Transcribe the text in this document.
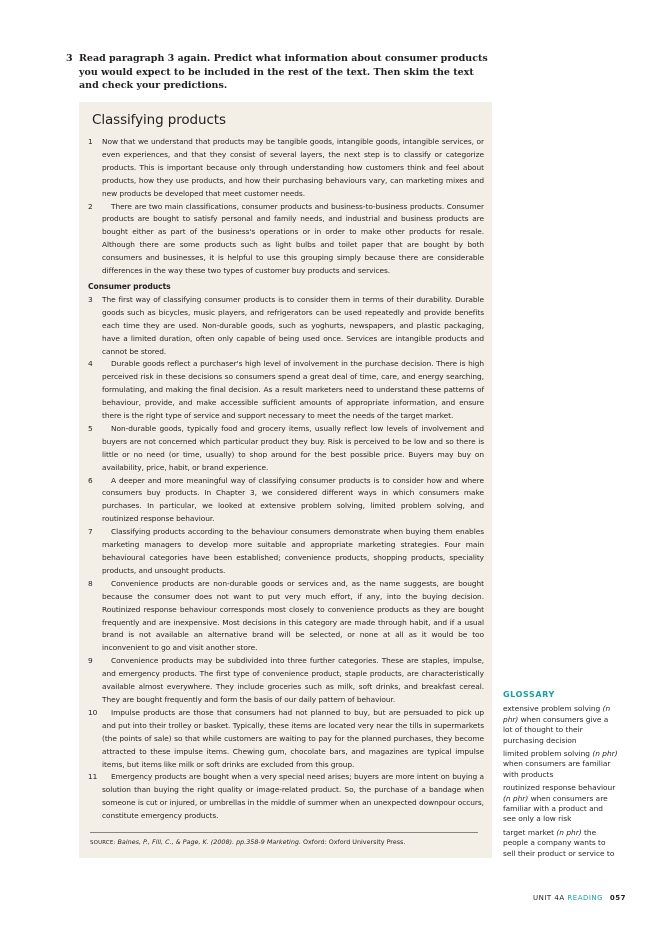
3 Read paragraph 3 again. Predict what information about consumer products you would expect to be included in the rest of the text. Then skim the text and check your predictions.
Classifying products
1 Now that we understand that products may be tangible goods, intangible goods, intangible services, or even experiences, and that they consist of several layers, the next step is to classify or categorize products. This is important because only through understanding how customers think and feel about products, how they use products, and how their purchasing behaviours vary, can marketing mixes and new products be developed that meet customer needs.
2	There are two main classifications, consumer products and business-to-business products. Consumer products are bought to satisfy personal and family needs, and industrial and business products are bought either as part of the business's operations or in order to make other products for resale. Although there are some products such as light bulbs and toilet paper that are bought by both consumers and businesses, it is helpful to use this grouping simply because there are considerable differences in the way these two types of customer buy products and services.
Consumer products
3 The first way of classifying consumer products is to consider them in terms of their durability. Durable goods such as bicycles, music players, and refrigerators can be used repeatedly and provide benefits each time they are used. Non-durable goods, such as yoghurts, newspapers, and plastic packaging, have a limited duration, often only capable of being used once. Services are intangible products and cannot be stored.
4	Durable goods reflect a purchaser's high level of involvement in the purchase decision. There is high perceived risk in these decisions so consumers spend a great deal of time, care, and energy searching, formulating, and making the final decision. As a result marketers need to understand these patterns of behaviour, provide, and make accessible sufficient amounts of appropriate information, and ensure there is the right type of service and support necessary to meet the needs of the target market.
5	Non-durable goods, typically food and grocery items, usually reflect low levels of involvement and buyers are not concerned which particular product they buy. Risk is perceived to be low and so there is little or no need (or time, usually) to shop around for the best possible price. Buyers may buy on availability, price, habit, or brand experience.
6	A deeper and more meaningful way of classifying consumer products is to consider how and where consumers buy products. In Chapter 3, we considered different ways in which consumers make purchases. In particular, we looked at extensive problem solving, limited problem solving, and routinized response behaviour.
7	Classifying products according to the behaviour consumers demonstrate when buying them enables marketing managers to develop more suitable and appropriate marketing strategies. Four main behavioural categories have been established; convenience products, shopping products, speciality products, and unsought products.
8	Convenience products are non-durable goods or services and, as the name suggests, are bought because the consumer does not want to put very much effort, if any, into the buying decision. Routinized response behaviour corresponds most closely to convenience products as they are bought frequently and are inexpensive. Most decisions in this category are made through habit, and if a usual brand is not available an alternative brand will be selected, or none at all as it would be too inconvenient to go and visit another store.
9	Convenience products may be subdivided into three further categories. These are staples, impulse, and emergency products. The first type of convenience product, staple products, are characteristically available almost everywhere. They include groceries such as milk, soft drinks, and breakfast cereal. They are bought frequently and form the basis of our daily pattern of behaviour.
10	Impulse products are those that consumers had not planned to buy, but are persuaded to pick up and put into their trolley or basket. Typically, these items are located very near the tills in supermarkets (the points of sale) so that while customers are waiting to pay for the planned purchases, they become attracted to these impulse items. Chewing gum, chocolate bars, and magazines are typical impulse items, but items like milk or soft drinks are excluded from this group.
11	Emergency products are bought when a very special need arises; buyers are more intent on buying a solution than buying the right quality or image-related product. So, the purchase of a bandage when someone is cut or injured, or umbrellas in the middle of summer when an unexpected downpour occurs, constitute emergency products.
SOURCE: Baines, P., Fill, C., & Page, K. (2008). pp.358-9 Marketing. Oxford: Oxford University Press.
GLOSSARY
extensive problem solving (n phr) when consumers give a lot of thought to their purchasing decision
limited problem solving (n phr) when consumers are familiar with products
routinized response behaviour (n phr) when consumers are familiar with a product and see only a low risk
target market (n phr) the people a company wants to sell their product or service to
UNIT 4A READING 057
